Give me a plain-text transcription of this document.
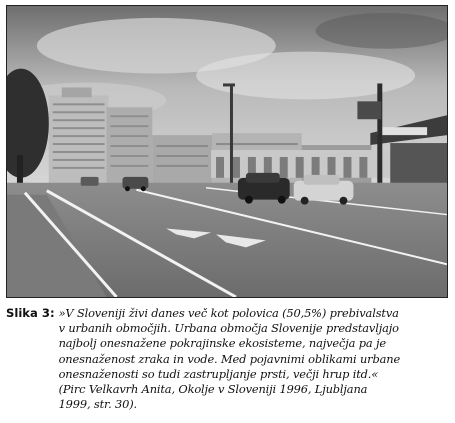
Slika 3: »V Sloveniji živi danes več kot polovica (50,5%) prebivalstva
v urbanih območjih. Urbana območja Slovenije predstavljajo
najbolj onesnažene pokrajinske ekosisteme, največja pa je
onesnaženost zraka in vode. Med pojavnimi oblikami urbane
onesnaženosti so tudi zastrupljanje prsti, večji hrup itd.«
(Pirc Velkavrh Anita, Okolje v Sloveniji 1996, Ljubljana
1999, str. 30).
